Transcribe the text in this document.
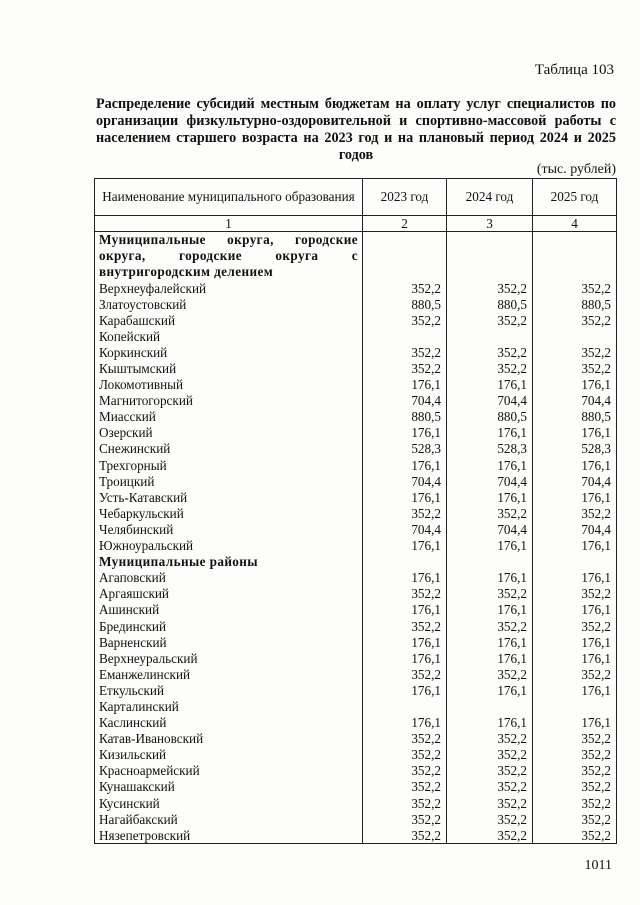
Таблица 103
Распределение субсидий местным бюджетам на оплату услуг специалистов по организации физкультурно-оздоровительной и спортивно-массовой работы с населением старшего возраста на 2023 год и на плановый период 2024 и 2025 годов
(тыс. рублей)
Наименование муниципального образования	2023 год	2024 год	2025 год
1	2	3	4
Муниципальные округа, городские округа, городские округа с внутригородским делением			
Верхнеуфалейский	352,2	352,2	352,2
Златоустовский	880,5	880,5	880,5
Карабашский	352,2	352,2	352,2
Копейский			
Коркинский	352,2	352,2	352,2
Кыштымский	352,2	352,2	352,2
Локомотивный	176,1	176,1	176,1
Магнитогорский	704,4	704,4	704,4
Миасский	880,5	880,5	880,5
Озерский	176,1	176,1	176,1
Снежинский	528,3	528,3	528,3
Трехгорный	176,1	176,1	176,1
Троицкий	704,4	704,4	704,4
Усть-Катавский	176,1	176,1	176,1
Чебаркульский	352,2	352,2	352,2
Челябинский	704,4	704,4	704,4
Южноуральский	176,1	176,1	176,1
Муниципальные районы			
Агаповский	176,1	176,1	176,1
Аргаяшский	352,2	352,2	352,2
Ашинский	176,1	176,1	176,1
Брединский	352,2	352,2	352,2
Варненский	176,1	176,1	176,1
Верхнеуральский	176,1	176,1	176,1
Еманжелинский	352,2	352,2	352,2
Еткульский	176,1	176,1	176,1
Карталинский			
Каслинский	176,1	176,1	176,1
Катав-Ивановский	352,2	352,2	352,2
Кизильский	352,2	352,2	352,2
Красноармейский	352,2	352,2	352,2
Кунашакский	352,2	352,2	352,2
Кусинский	352,2	352,2	352,2
Нагайбакский	352,2	352,2	352,2
Нязепетровский	352,2	352,2	352,2
1011
